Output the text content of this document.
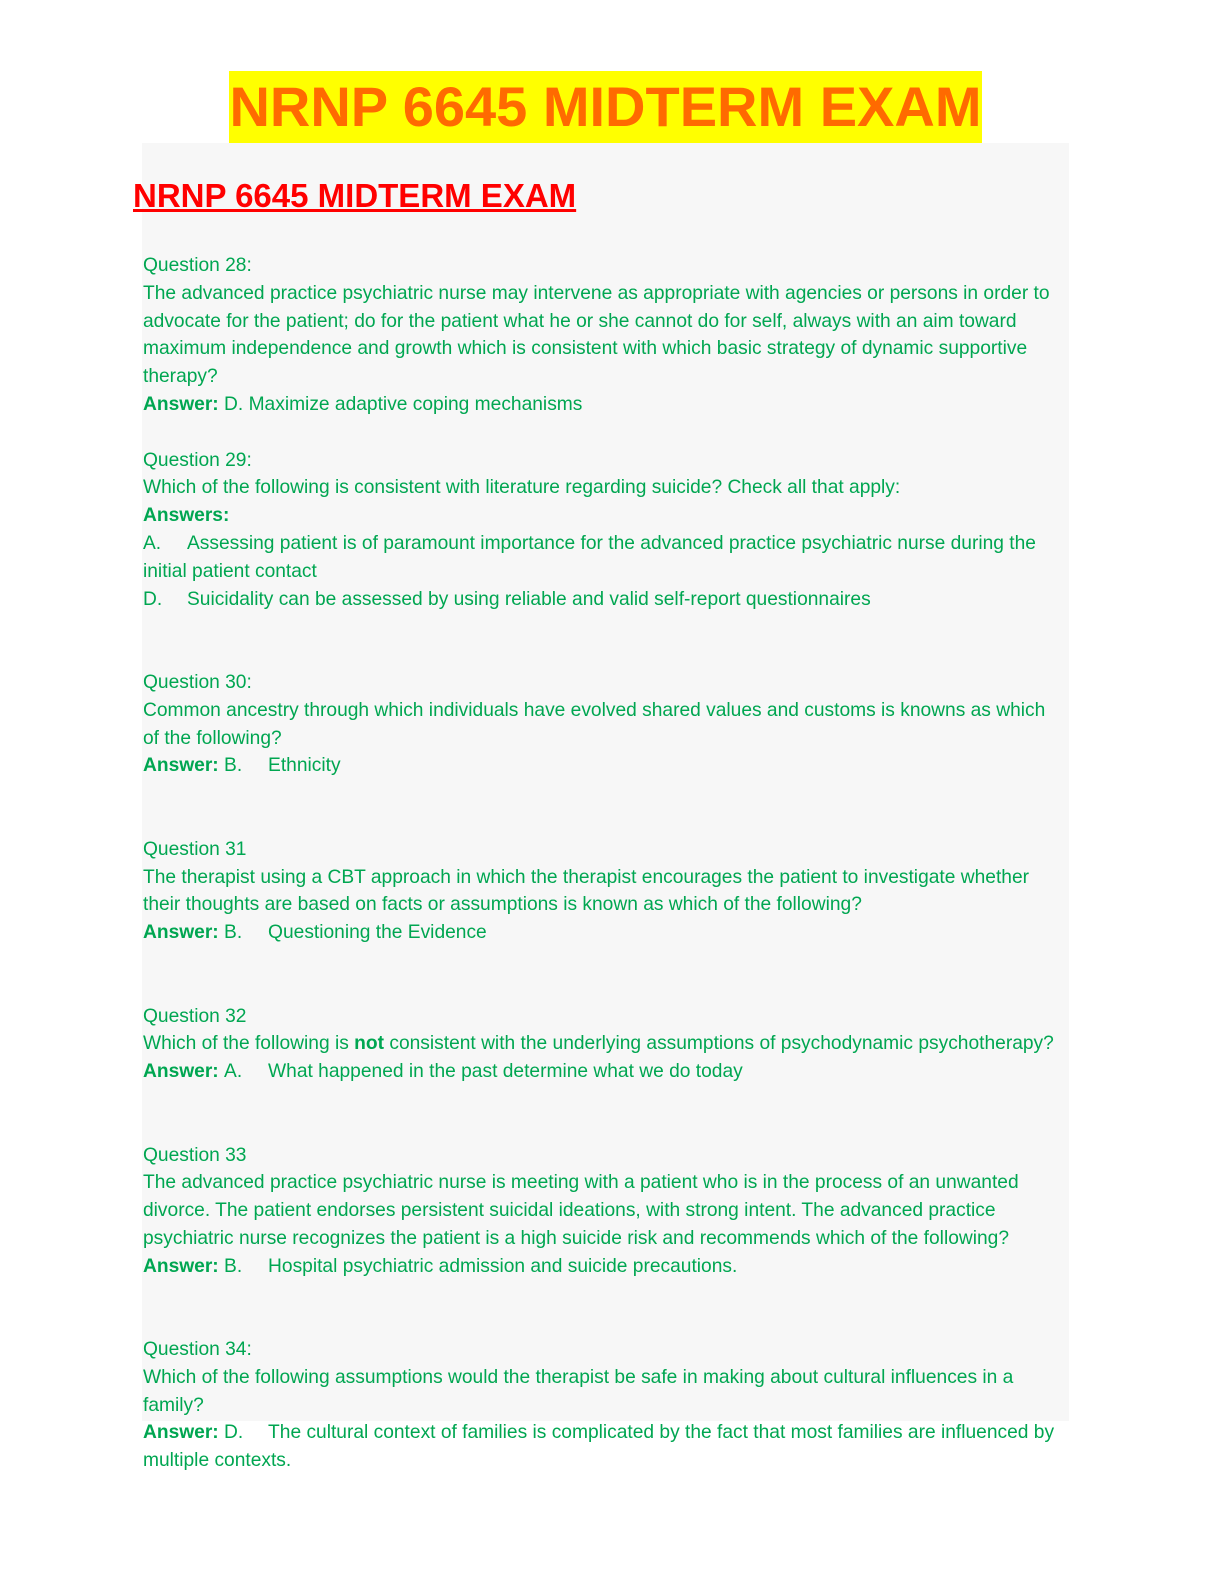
NRNP 6645 MIDTERM EXAM
NRNP 6645 MIDTERM EXAM

Question 28:

The advanced practice psychiatric nurse may intervene as appropriate with agencies or persons in order to advocate for the patient; do for the patient what he or she cannot do for self, always with an aim toward maximum independence and growth which is consistent with which basic strategy of dynamic supportive therapy?

Answer: D. Maximize adaptive coping mechanisms

Question 29:

Which of the following is consistent with literature regarding suicide? Check all that apply:

Answers:

A. Assessing patient is of paramount importance for the advanced practice psychiatric nurse during the initial patient contact

D. Suicidality can be assessed by using reliable and valid self-report questionnaires

Question 30:

Common ancestry through which individuals have evolved shared values and customs is knowns as which of the following?

Answer: B. Ethnicity

Question 31

The therapist using a CBT approach in which the therapist encourages the patient to investigate whether their thoughts are based on facts or assumptions is known as which of the following?

Answer: B. Questioning the Evidence

Question 32

Which of the following is not consistent with the underlying assumptions of psychodynamic psychotherapy?

Answer: A. What happened in the past determine what we do today

Question 33

The advanced practice psychiatric nurse is meeting with a patient who is in the process of an unwanted divorce. The patient endorses persistent suicidal ideations, with strong intent. The advanced practice psychiatric nurse recognizes the patient is a high suicide risk and recommends which of the following?

Answer: B. Hospital psychiatric admission and suicide precautions.

Question 34:

Which of the following assumptions would the therapist be safe in making about cultural influences in a family?

Answer: D. The cultural context of families is complicated by the fact that most families are influenced by multiple contexts.
